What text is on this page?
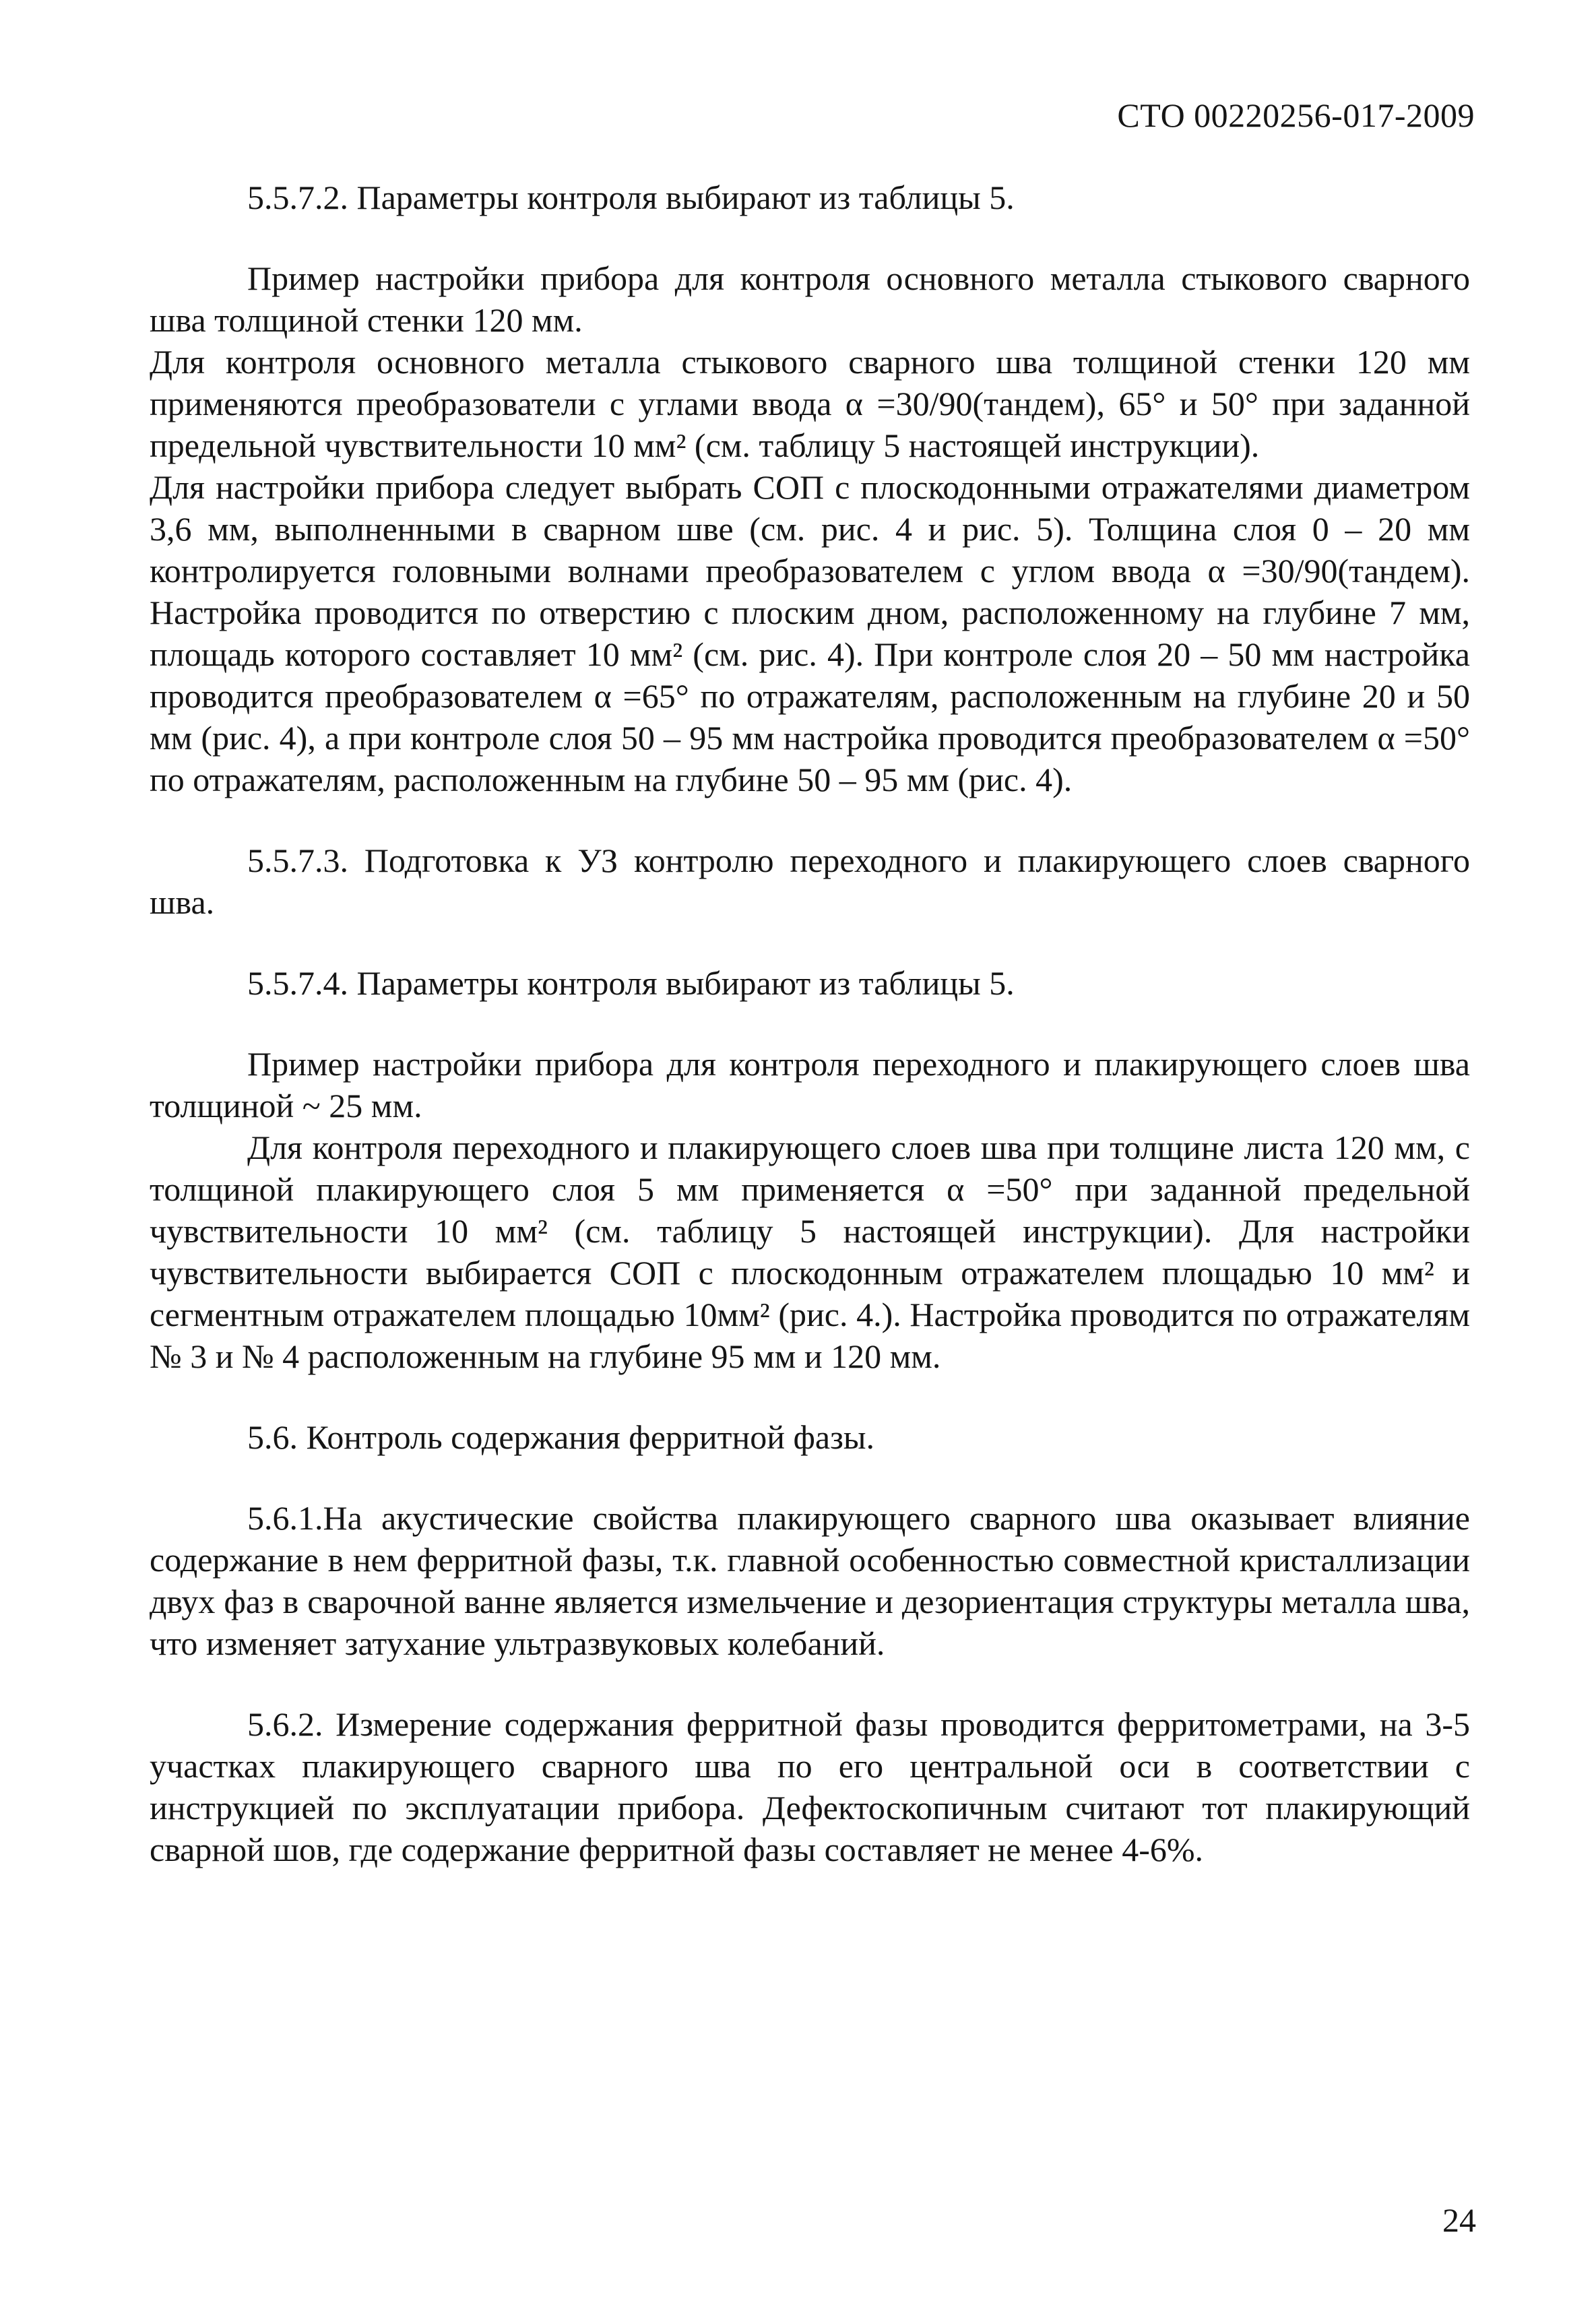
СТО 00220256-017-2009

5.5.7.2. Параметры контроля выбирают из таблицы 5.

Пример настройки прибора для контроля основного металла стыкового сварного шва толщиной стенки 120 мм.

Для контроля основного металла стыкового сварного шва толщиной стенки 120 мм применяются преобразователи с углами ввода α =30/90(тандем), 65° и 50° при заданной предельной чувствительности 10 мм² (см. таблицу 5 настоящей инструкции).

Для настройки прибора следует выбрать СОП с плоскодонными отражателями диаметром 3,6 мм, выполненными в сварном шве (см. рис. 4 и рис. 5). Толщина слоя 0 – 20 мм контролируется головными волнами преобразователем с углом ввода α =30/90(тандем). Настройка проводится по отверстию с плоским дном, расположенному на глубине 7 мм, площадь которого составляет 10 мм² (см. рис. 4). При контроле слоя 20 – 50 мм настройка проводится преобразователем α =65° по отражателям, расположенным на глубине 20 и 50 мм (рис. 4), а при контроле слоя 50 – 95 мм настройка проводится преобразователем α =50° по отражателям, расположенным на глубине 50 – 95 мм (рис. 4).

5.5.7.3. Подготовка к УЗ контролю переходного и плакирующего слоев сварного шва.

5.5.7.4. Параметры контроля выбирают из таблицы 5.

Пример настройки прибора для контроля переходного и плакирующего слоев шва толщиной ~ 25 мм.

Для контроля переходного и плакирующего слоев шва при толщине листа 120 мм, с толщиной плакирующего слоя 5 мм применяется α =50° при заданной предельной чувствительности 10 мм² (см. таблицу 5 настоящей инструкции). Для настройки чувствительности выбирается СОП с плоскодонным отражателем площадью 10 мм² и сегментным отражателем площадью 10мм² (рис. 4.). Настройка проводится по отражателям № 3 и № 4 расположенным на глубине 95 мм и 120 мм.

5.6. Контроль содержания ферритной фазы.

5.6.1.На акустические свойства плакирующего сварного шва оказывает влияние содержание в нем ферритной фазы, т.к. главной особенностью совместной кристаллизации двух фаз в сварочной ванне является измельчение и дезориентация структуры металла шва, что изменяет затухание ультразвуковых колебаний.

5.6.2. Измерение содержания ферритной фазы проводится ферритометрами, на 3-5 участках плакирующего сварного шва по его центральной оси в соответствии с инструкцией по эксплуатации прибора. Дефектоскопичным считают тот плакирующий сварной шов, где содержание ферритной фазы составляет не менее 4-6%.

24
